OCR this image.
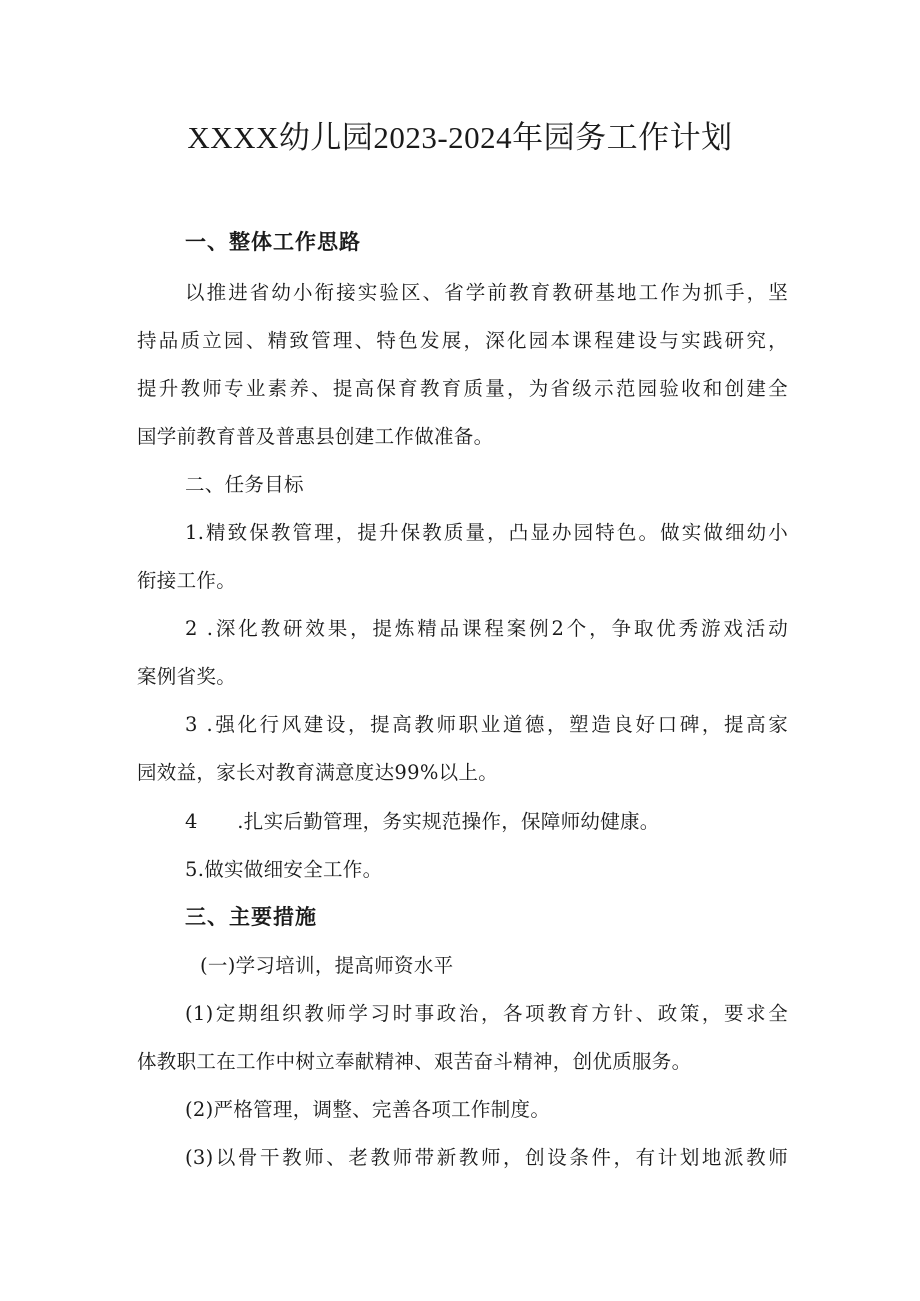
XXXX幼儿园2023-2024年园务工作计划
一、整体工作思路
以推进省幼小衔接实验区、省学前教育教研基地工作为抓手，坚
持品质立园、精致管理、特色发展，深化园本课程建设与实践研究，
提升教师专业素养、提高保育教育质量，为省级示范园验收和创建全
国学前教育普及普惠县创建工作做准备。
二、任务目标
1.精致保教管理，提升保教质量，凸显办园特色。做实做细幼小
衔接工作。
2 .深化教研效果，提炼精品课程案例2个，争取优秀游戏活动
案例省奖。
3 .强化行风建设，提高教师职业道德，塑造良好口碑，提高家
园效益，家长对教育满意度达99%以上。
4　　.扎实后勤管理，务实规范操作，保障师幼健康。
5.做实做细安全工作。
三、主要措施
(一)学习培训，提高师资水平
(1)定期组织教师学习时事政治，各项教育方针、政策，要求全
体教职工在工作中树立奉献精神、艰苦奋斗精神，创优质服务。
(2)严格管理，调整、完善各项工作制度。
(3)以骨干教师、老教师带新教师，创设条件，有计划地派教师
